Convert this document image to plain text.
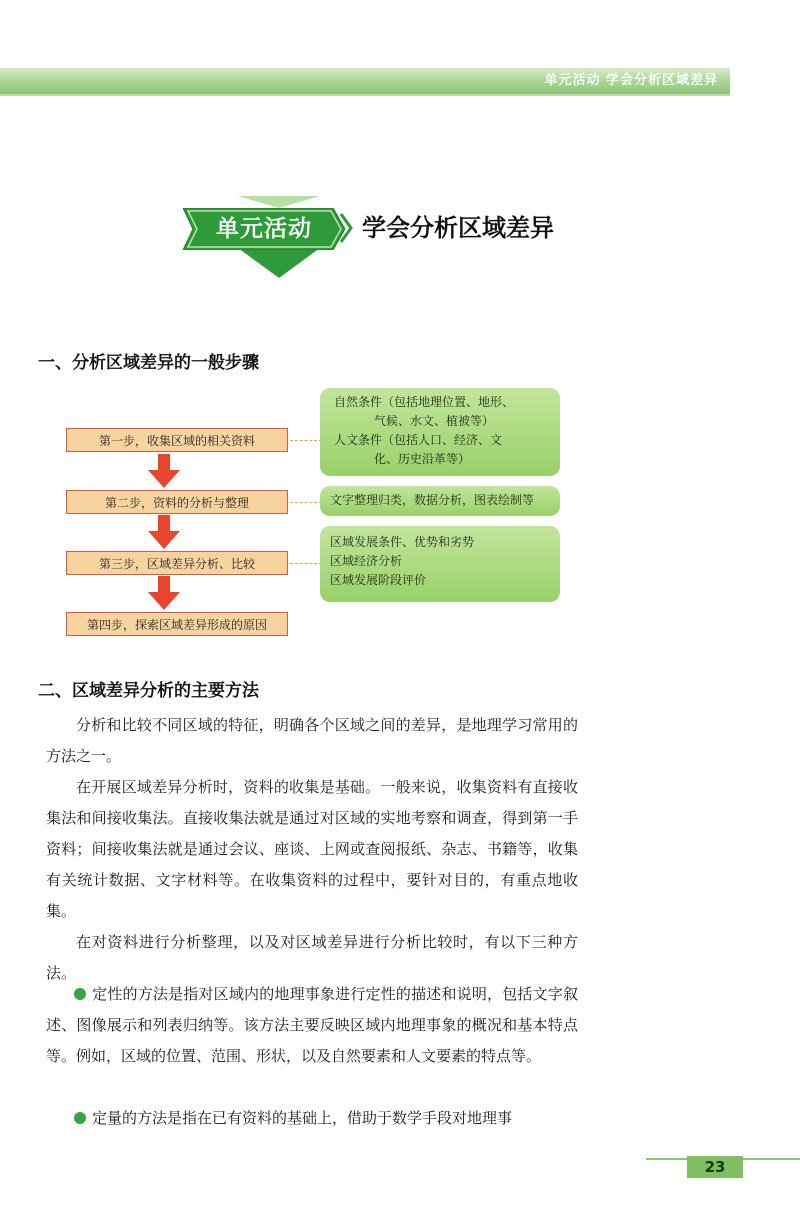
单元活动 学会分析区域差异
单元活动	学会分析区域差异
一、分析区域差异的一般步骤
第一步，收集区域的相关资料
第二步，资料的分析与整理
第三步，区域差异分析、比较
第四步，探索区域差异形成的原因
自然条件（包括地理位置、地形、
气候、水文、植被等）
人文条件（包括人口、经济、文
化、历史沿革等）
文字整理归类，数据分析，图表绘制等
区域发展条件、优势和劣势
区域经济分析
区域发展阶段评价
二、区域差异分析的主要方法
分析和比较不同区域的特征，明确各个区域之间的差异，是地理学习常用的方法之一。
在开展区域差异分析时，资料的收集是基础。一般来说，收集资料有直接收集法和间接收集法。直接收集法就是通过对区域的实地考察和调查，得到第一手资料；间接收集法就是通过会议、座谈、上网或查阅报纸、杂志、书籍等，收集有关统计数据、文字材料等。在收集资料的过程中，要针对目的，有重点地收集。
在对资料进行分析整理，以及对区域差异进行分析比较时，有以下三种方法。
定性的方法是指对区域内的地理事象进行定性的描述和说明，包括文字叙述、图像展示和列表归纳等。该方法主要反映区域内地理事象的概况和基本特点等。例如，区域的位置、范围、形状，以及自然要素和人文要素的特点等。
定量的方法是指在已有资料的基础上，借助于数学手段对地理事
23
